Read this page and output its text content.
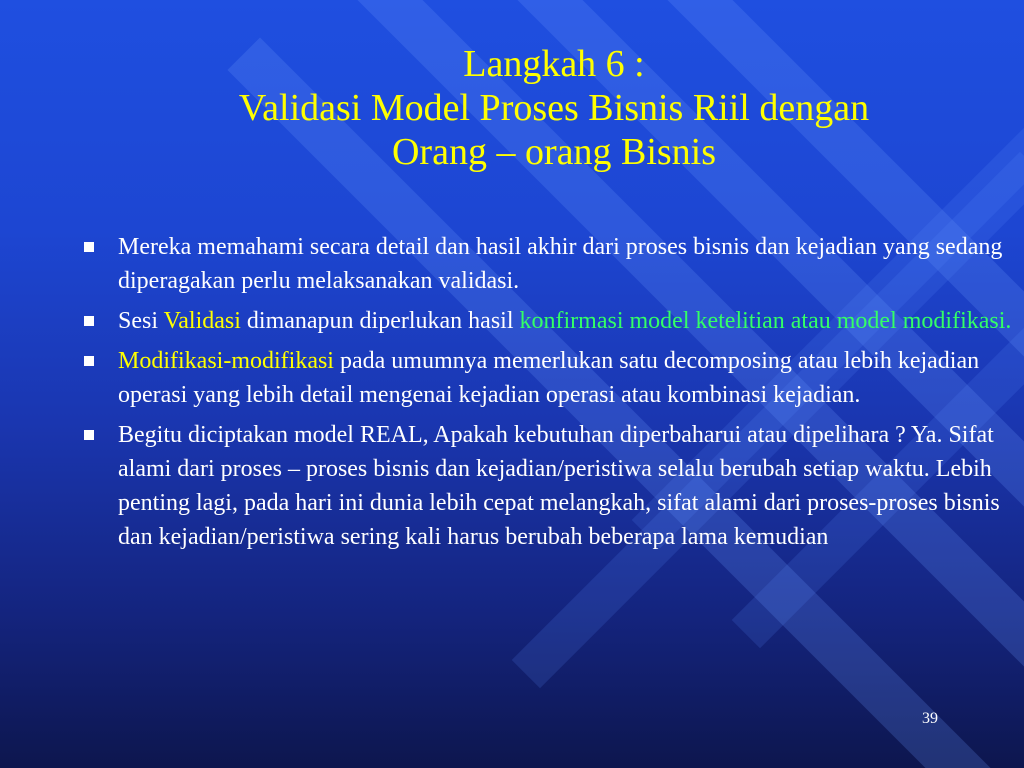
Langkah 6 :
Validasi Model Proses Bisnis Riil dengan
Orang – orang Bisnis
Mereka memahami secara detail dan hasil akhir dari proses bisnis dan kejadian yang sedang diperagakan perlu melaksanakan validasi.
Sesi Validasi dimanapun diperlukan hasil konfirmasi model ketelitian atau model modifikasi.
Modifikasi-modifikasi pada umumnya memerlukan satu decomposing atau lebih kejadian operasi yang lebih detail mengenai kejadian operasi atau kombinasi kejadian.
Begitu diciptakan model REAL, Apakah kebutuhan diperbaharui atau dipelihara ? Ya. Sifat alami dari proses – proses bisnis dan kejadian/peristiwa selalu berubah setiap waktu. Lebih penting lagi, pada hari ini dunia lebih cepat melangkah, sifat alami dari proses-proses bisnis dan kejadian/peristiwa sering kali harus berubah beberapa lama kemudian
39
